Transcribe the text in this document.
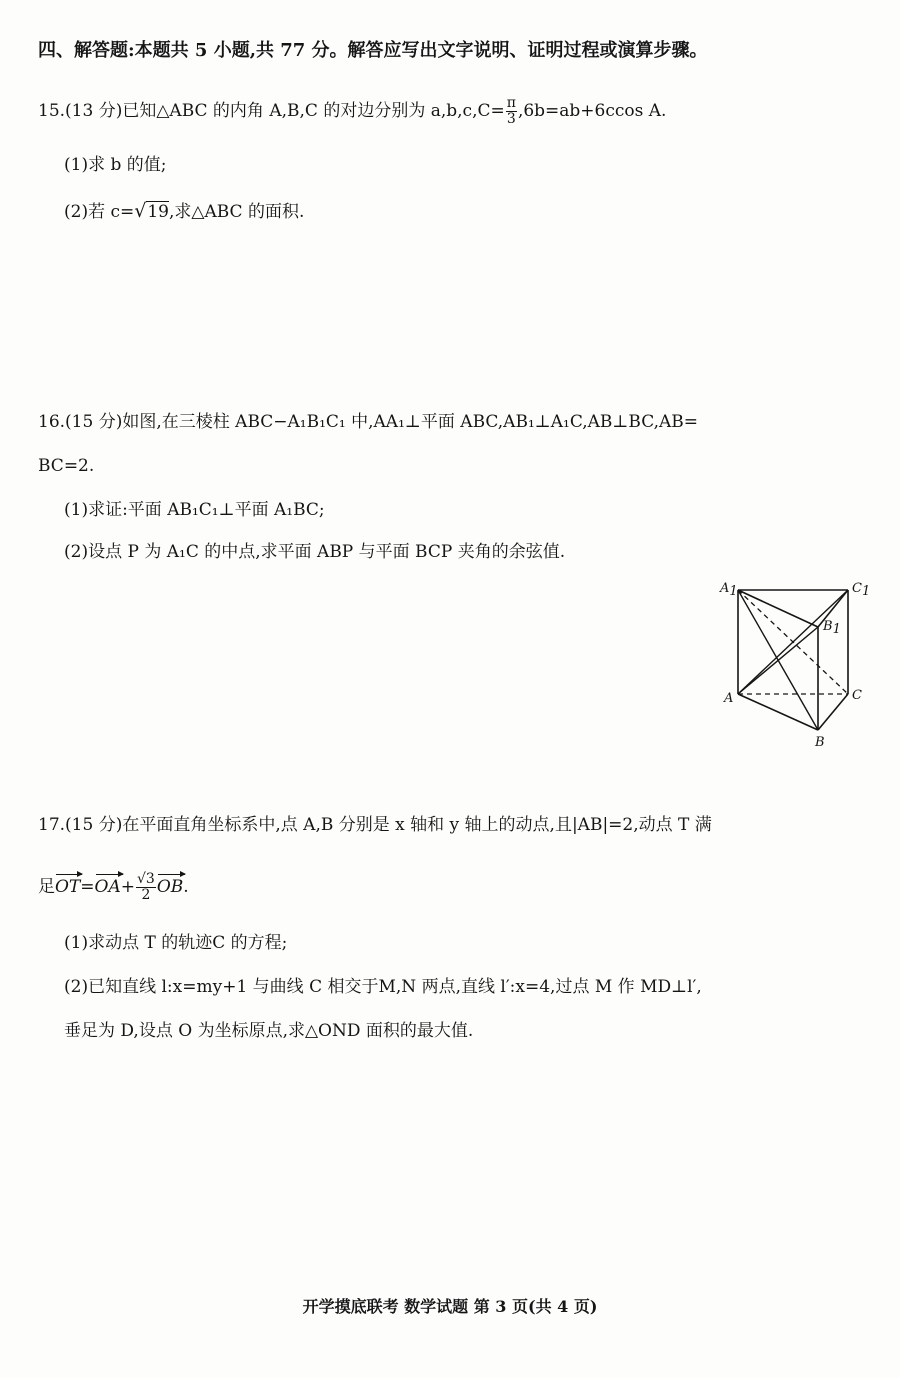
四、解答题:本题共 5 小题,共 77 分。解答应写出文字说明、证明过程或演算步骤。
15.(13 分)已知△ABC 的内角 A,B,C 的对边分别为 $a,b,c,C= \frac{\pi}{3} ,6b=ab+6ccos$ A.
(1)求 b 的值;
(2)若 c=√19,求△ABC 的面积.
16.(15 分)如图,在三棱柱 ABC−A₁B₁C₁ 中,AA₁⊥平面 ABC,AB₁⊥A₁C,AB⊥BC,AB=
BC=2.
(1)求证:平面 AB₁C₁⊥平面 A₁BC;
(2)设点 P 为 A₁C 的中点,求平面 ABP 与平面 BCP 夹角的余弦值.
A1	C1
B1
A	C
B
17.(15 分)在平面直角坐标系中,点 A,B 分别是 x 轴和 y 轴上的动点,且|AB|=2,动点 T 满
足$OT=OA+ \frac{√3}{2}$ OB.
(1)求动点 T 的轨迹C 的方程;
(2)已知直线 l:x=my+1 与曲线 C 相交于M,N 两点,直线 l′:x=4,过点 M 作 MD⊥l′,
垂足为 D,设点 O 为坐标原点,求△OND 面积的最大值.
开学摸底联考 数学试题 第 3 页(共 4 页)
